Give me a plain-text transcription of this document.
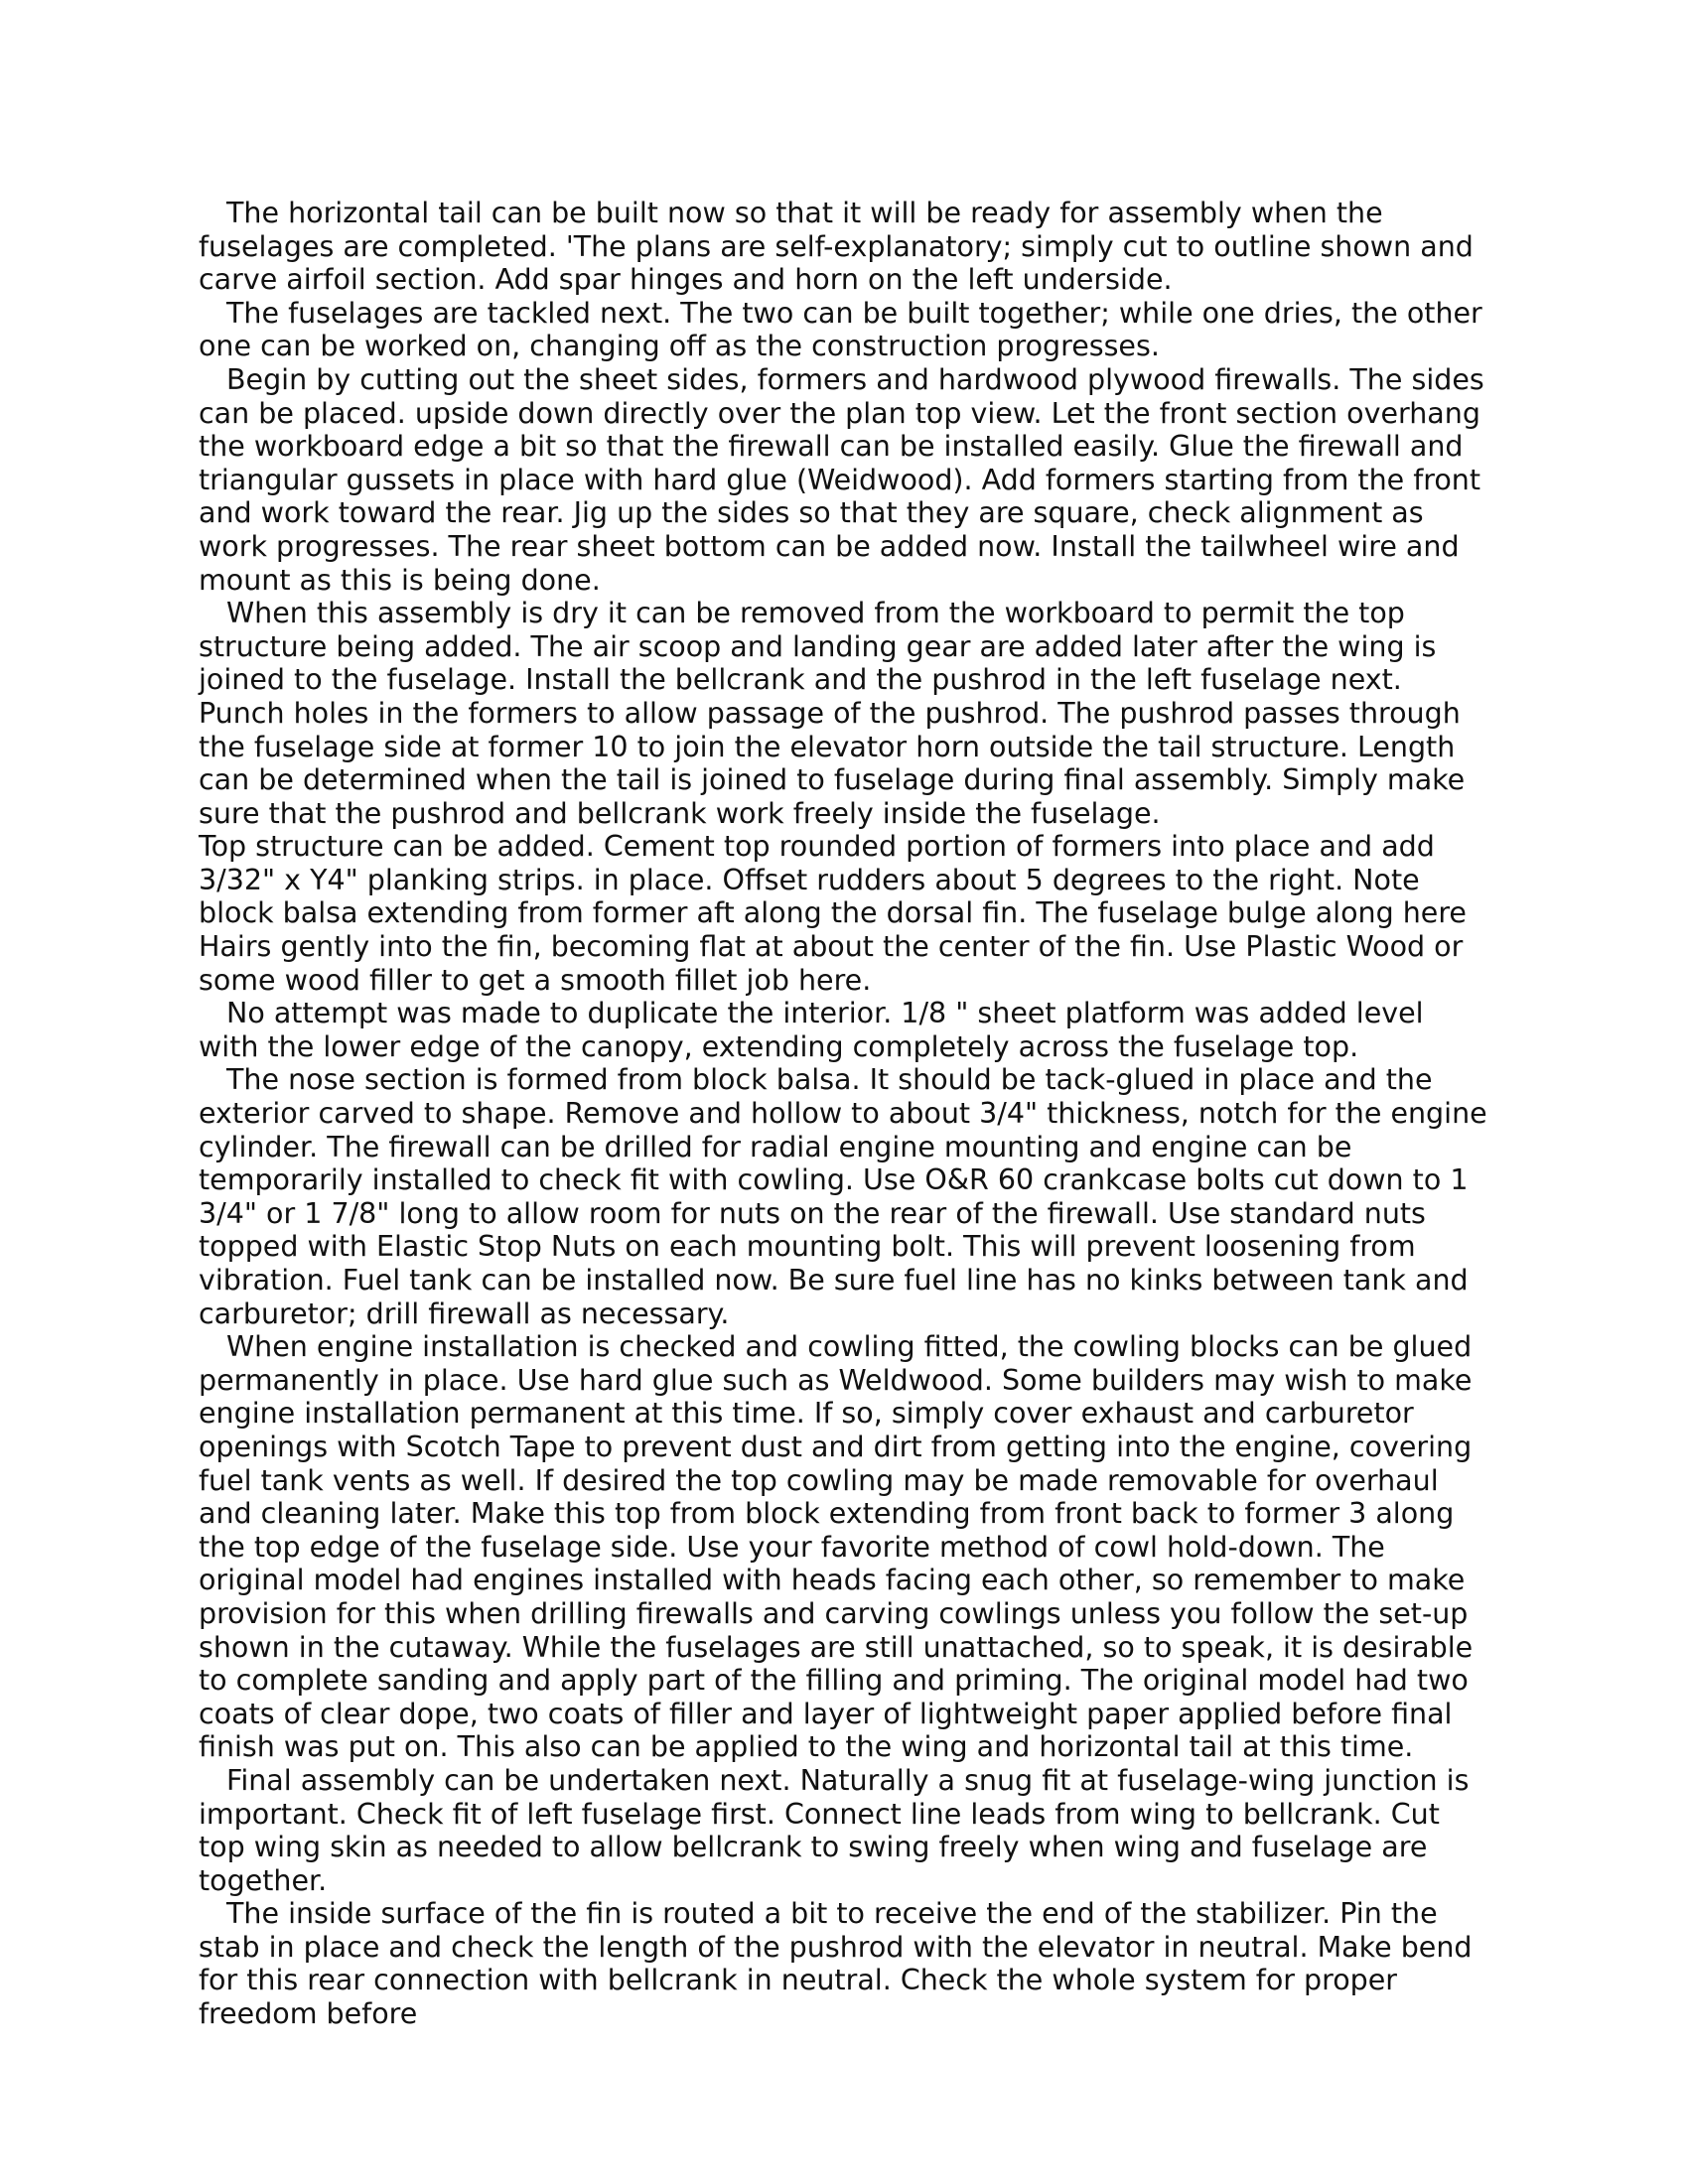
The horizontal tail can be built now so that it will be ready for assembly when the fuselages are completed. 'The plans are self-explanatory; simply cut to outline shown and carve airfoil section. Add spar hinges and horn on the left underside.

The fuselages are tackled next. The two can be built together; while one dries, the other one can be worked on, changing off as the construction progresses.

Begin by cutting out the sheet sides, formers and hardwood plywood firewalls. The sides can be placed. upside down directly over the plan top view. Let the front section overhang the workboard edge a bit so that the firewall can be installed easily. Glue the firewall and triangular gussets in place with hard glue (Weidwood). Add formers starting from the front and work toward the rear. Jig up the sides so that they are square, check alignment as work progresses. The rear sheet bottom can be added now. Install the tailwheel wire and mount as this is being done.

When this assembly is dry it can be removed from the workboard to permit the top structure being added. The air scoop and landing gear are added later after the wing is joined to the fuselage. Install the bellcrank and the pushrod in the left fuselage next. Punch holes in the formers to allow passage of the pushrod. The pushrod passes through the fuselage side at former 10 to join the elevator horn outside the tail structure. Length can be determined when the tail is joined to fuselage during final assembly. Simply make sure that the pushrod and bellcrank work freely inside the fuselage.

Top structure can be added. Cement top rounded portion of formers into place and add 3/32" x Y4" planking strips. in place. Offset rudders about 5 degrees to the right. Note block balsa extending from former aft along the dorsal fin. The fuselage bulge along here Hairs gently into the fin, becoming flat at about the center of the fin. Use Plastic Wood or some wood filler to get a smooth fillet job here.

No attempt was made to duplicate the interior. 1/8 " sheet platform was added level with the lower edge of the canopy, extending completely across the fuselage top.

The nose section is formed from block balsa. It should be tack-glued in place and the exterior carved to shape. Remove and hollow to about 3/4" thickness, notch for the engine cylinder. The firewall can be drilled for radial engine mounting and engine can be temporarily installed to check fit with cowling. Use O&R 60 crankcase bolts cut down to 1 3/4" or 1 7/8" long to allow room for nuts on the rear of the firewall. Use standard nuts topped with Elastic Stop Nuts on each mounting bolt. This will prevent loosening from vibration. Fuel tank can be installed now. Be sure fuel line has no kinks between tank and carburetor; drill firewall as necessary.

When engine installation is checked and cowling fitted, the cowling blocks can be glued permanently in place. Use hard glue such as Weldwood. Some builders may wish to make engine installation permanent at this time. If so, simply cover exhaust and carburetor openings with Scotch Tape to prevent dust and dirt from getting into the engine, covering fuel tank vents as well. If desired the top cowling may be made removable for overhaul and cleaning later. Make this top from block extending from front back to former 3 along the top edge of the fuselage side. Use your favorite method of cowl hold-down. The original model had engines installed with heads facing each other, so remember to make provision for this when drilling firewalls and carving cowlings unless you follow the set-up shown in the cutaway. While the fuselages are still unattached, so to speak, it is desirable to complete sanding and apply part of the filling and priming. The original model had two coats of clear dope, two coats of filler and layer of lightweight paper applied before final finish was put on. This also can be applied to the wing and horizontal tail at this time.

Final assembly can be undertaken next. Naturally a snug fit at fuselage-wing junction is important. Check fit of left fuselage first. Connect line leads from wing to bellcrank. Cut top wing skin as needed to allow bellcrank to swing freely when wing and fuselage are together.

The inside surface of the fin is routed a bit to receive the end of the stabilizer. Pin the stab in place and check the length of the pushrod with the elevator in neutral. Make bend for this rear connection with bellcrank in neutral. Check the whole system for proper freedom before
